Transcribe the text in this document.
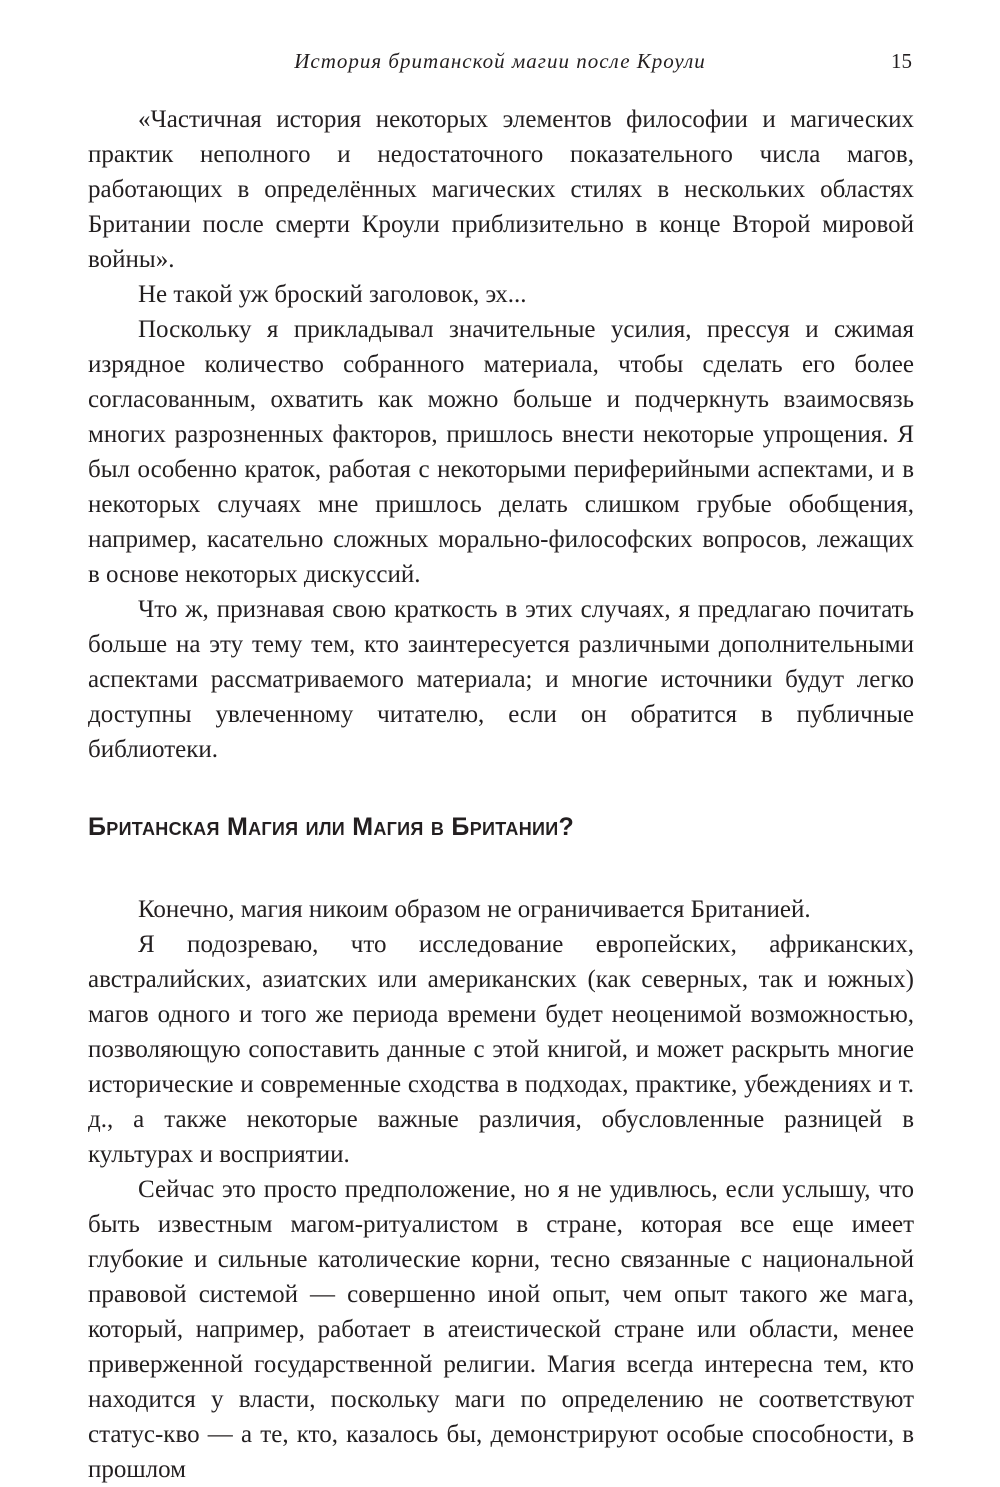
История британской магии после Кроули	15

«Частичная история некоторых элементов философии и магических практик неполного и недостаточного показательного числа магов, работающих в определённых магических стилях в нескольких областях Британии после смерти Кроули приблизительно в конце Второй мировой войны».

Не такой уж броский заголовок, эх...

Поскольку я прикладывал значительные усилия, прессуя и сжимая изрядное количество собранного материала, чтобы сделать его более согласованным, охватить как можно больше и подчеркнуть взаимосвязь многих разрозненных факторов, пришлось внести некоторые упрощения. Я был особенно краток, работая с некоторыми периферийными аспектами, и в некоторых случаях мне пришлось делать слишком грубые обобщения, например, касательно сложных морально-философских вопросов, лежащих в основе некоторых дискуссий.

Что ж, признавая свою краткость в этих случаях, я предлагаю почитать больше на эту тему тем, кто заинтересуется различными дополнительными аспектами рассматриваемого материала; и многие источники будут легко доступны увлеченному читателю, если он обратится в публичные библиотеки.

Британская Магия или Магия в Британии?

Конечно, магия никоим образом не ограничивается Британией.

Я подозреваю, что исследование европейских, африканских, австралийских, азиатских или американских (как северных, так и южных) магов одного и того же периода времени будет неоценимой возможностью, позволяющую сопоставить данные с этой книгой, и может раскрыть многие исторические и современные сходства в подходах, практике, убеждениях и т. д., а также некоторые важные различия, обусловленные разницей в культурах и восприятии.

Сейчас это просто предположение, но я не удивлюсь, если услышу, что быть известным магом-ритуалистом в стране, которая все еще имеет глубокие и сильные католические корни, тесно связанные с национальной правовой системой — совершенно иной опыт, чем опыт такого же мага, который, например, работает в атеистической стране или области, менее приверженной государственной религии. Магия всегда интересна тем, кто находится у власти, поскольку маги по определению не соответствуют статус-кво — а те, кто, казалось бы, демонстрируют особые способности, в прошлом
